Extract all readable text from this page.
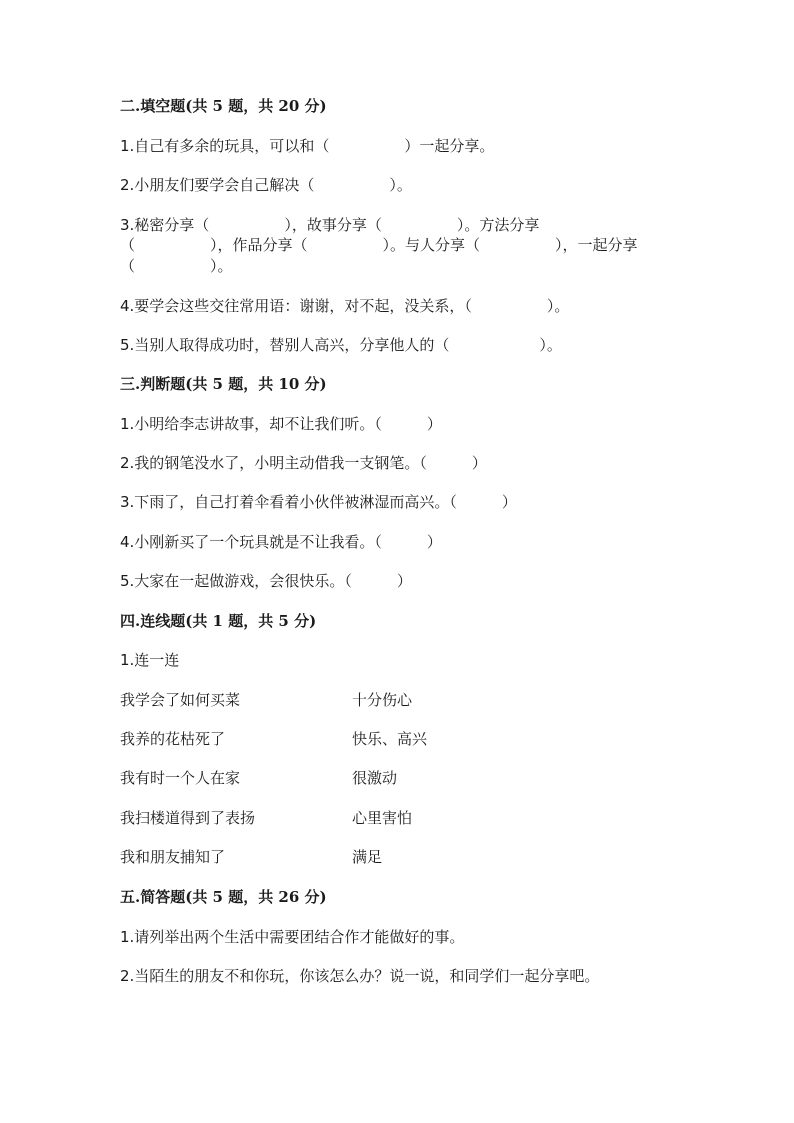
二.填空题(共 5 题，共 20 分)

1.自己有多余的玩具，可以和（　　　　　）一起分享。

2.小朋友们要学会自己解决（　　　　　）。

3.秘密分享（　　　　　），故事分享（　　　　　）。方法分享

（　　　　　），作品分享（　　　　　）。与人分享（　　　　　），一起分享

（　　　　　）。

4.要学会这些交往常用语：谢谢，对不起，没关系，（　　　　　）。

5.当别人取得成功时，替别人高兴，分享他人的（　　　　　　）。

三.判断题(共 5 题，共 10 分)

1.小明给李志讲故事，却不让我们听。（　　　）

2.我的钢笔没水了，小明主动借我一支钢笔。（　　　）

3.下雨了，自己打着伞看着小伙伴被淋湿而高兴。（　　　）

4.小刚新买了一个玩具就是不让我看。（　　　）

5.大家在一起做游戏，会很快乐。（　　　）

四.连线题(共 1 题，共 5 分)

1.连一连

我学会了如何买菜	十分伤心

我养的花枯死了	快乐、高兴

我有时一个人在家	很激动

我扫楼道得到了表扬	心里害怕

我和朋友捕知了	满足

五.简答题(共 5 题，共 26 分)

1.请列举出两个生活中需要团结合作才能做好的事。

2.当陌生的朋友不和你玩，你该怎么办？说一说，和同学们一起分享吧。
